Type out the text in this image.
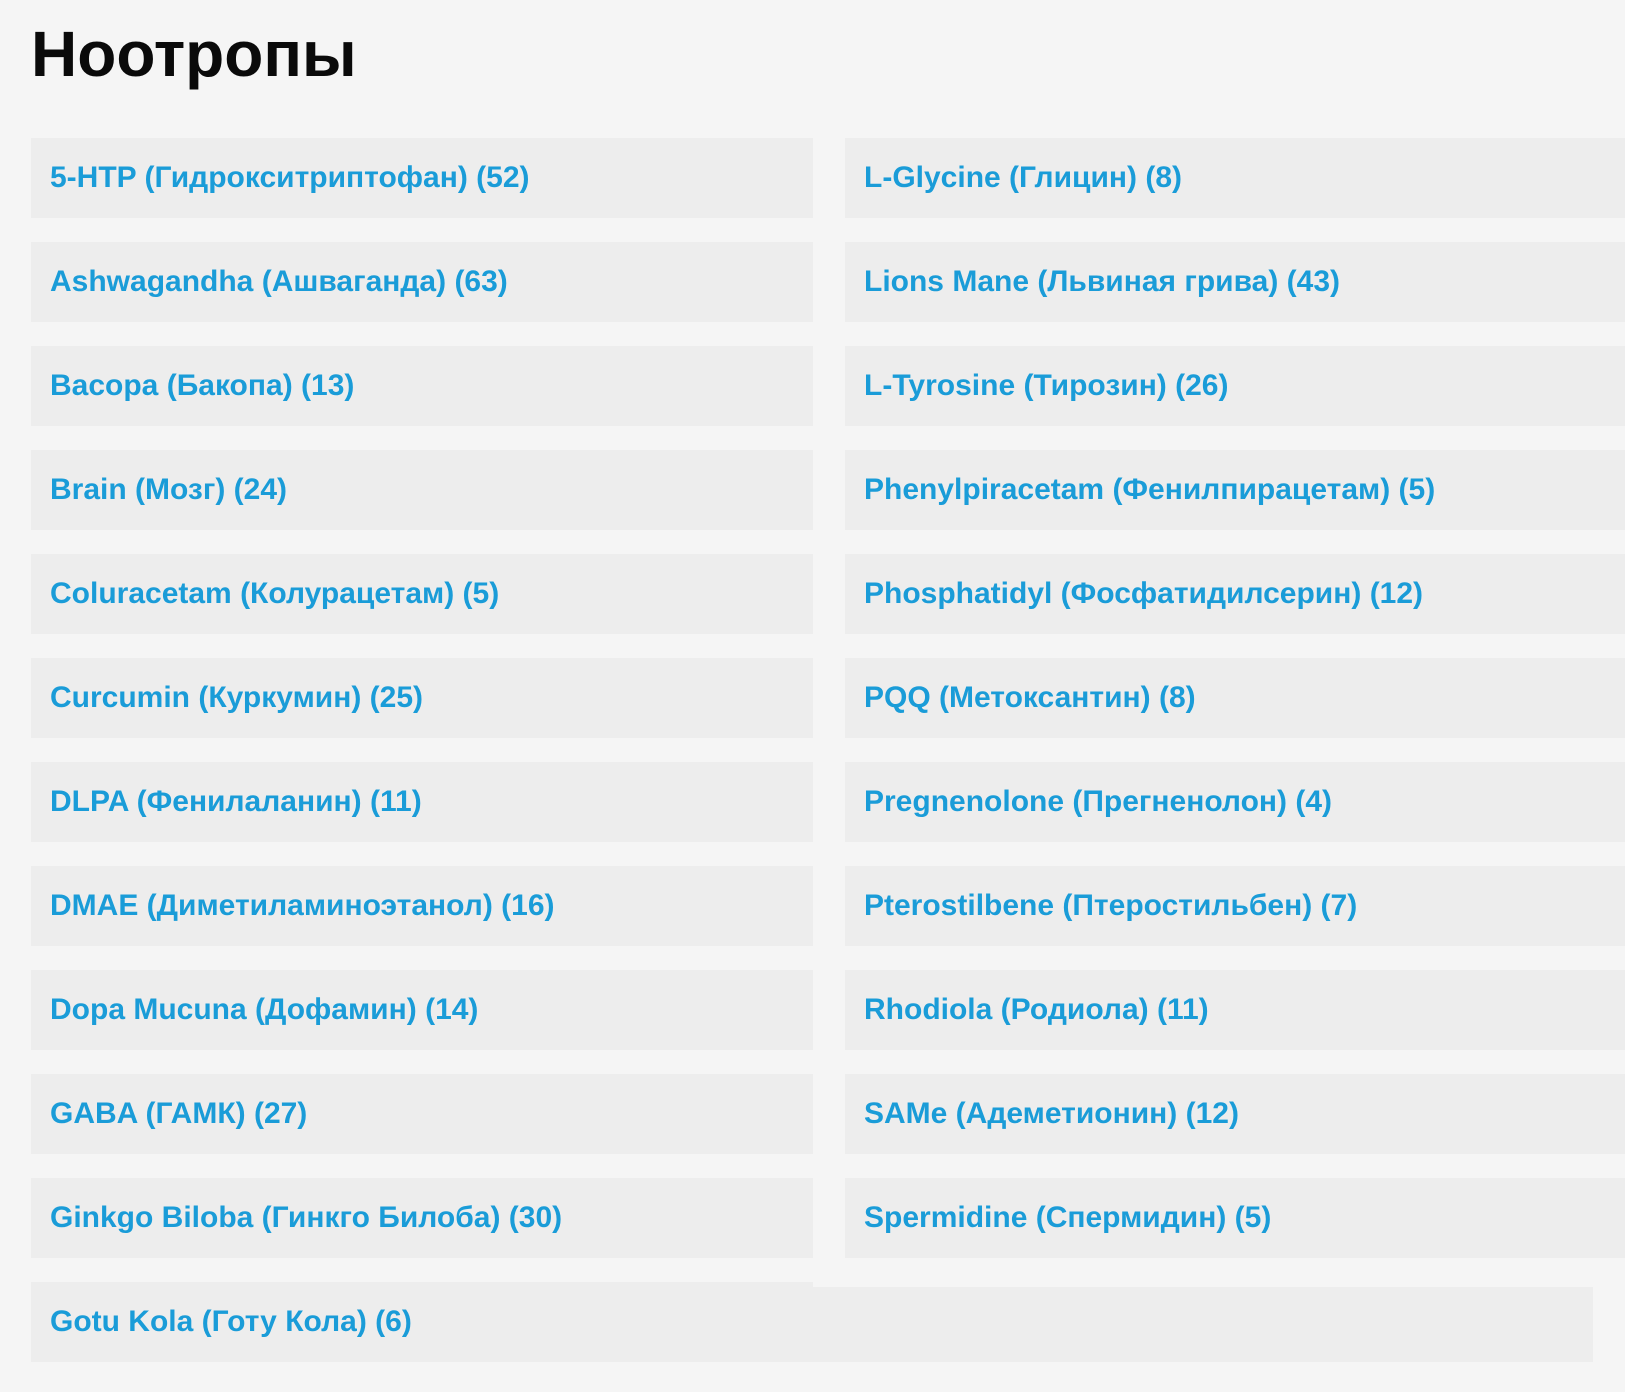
Ноотропы
5-HTP (Гидрокситриптофан) (52)	L-Glycine (Глицин) (8)
Ashwagandha (Ашваганда) (63)	Lions Mane (Львиная грива) (43)
Bacopa (Бакопа) (13)	L-Tyrosine (Тирозин) (26)
Brain (Мозг) (24)	Phenylpiracetam (Фенилпирацетам) (5)
Coluracetam (Колурацетам) (5)	Phosphatidyl (Фосфатидилсерин) (12)
Curcumin (Куркумин) (25)	PQQ (Метоксантин) (8)
DLPA (Фенилаланин) (11)	Pregnenolone (Прегненолон) (4)
DMAE (Диметиламиноэтанол) (16)	Pterostilbene (Птеростильбен) (7)
Dopa Mucuna (Дофамин) (14)	Rhodiola (Родиола) (11)
GABA (ГАМК) (27)	SAMe (Адеметионин) (12)
Ginkgo Biloba (Гинкго Билоба) (30)	Spermidine (Спермидин) (5)
Gotu Kola (Готу Кола) (6)
